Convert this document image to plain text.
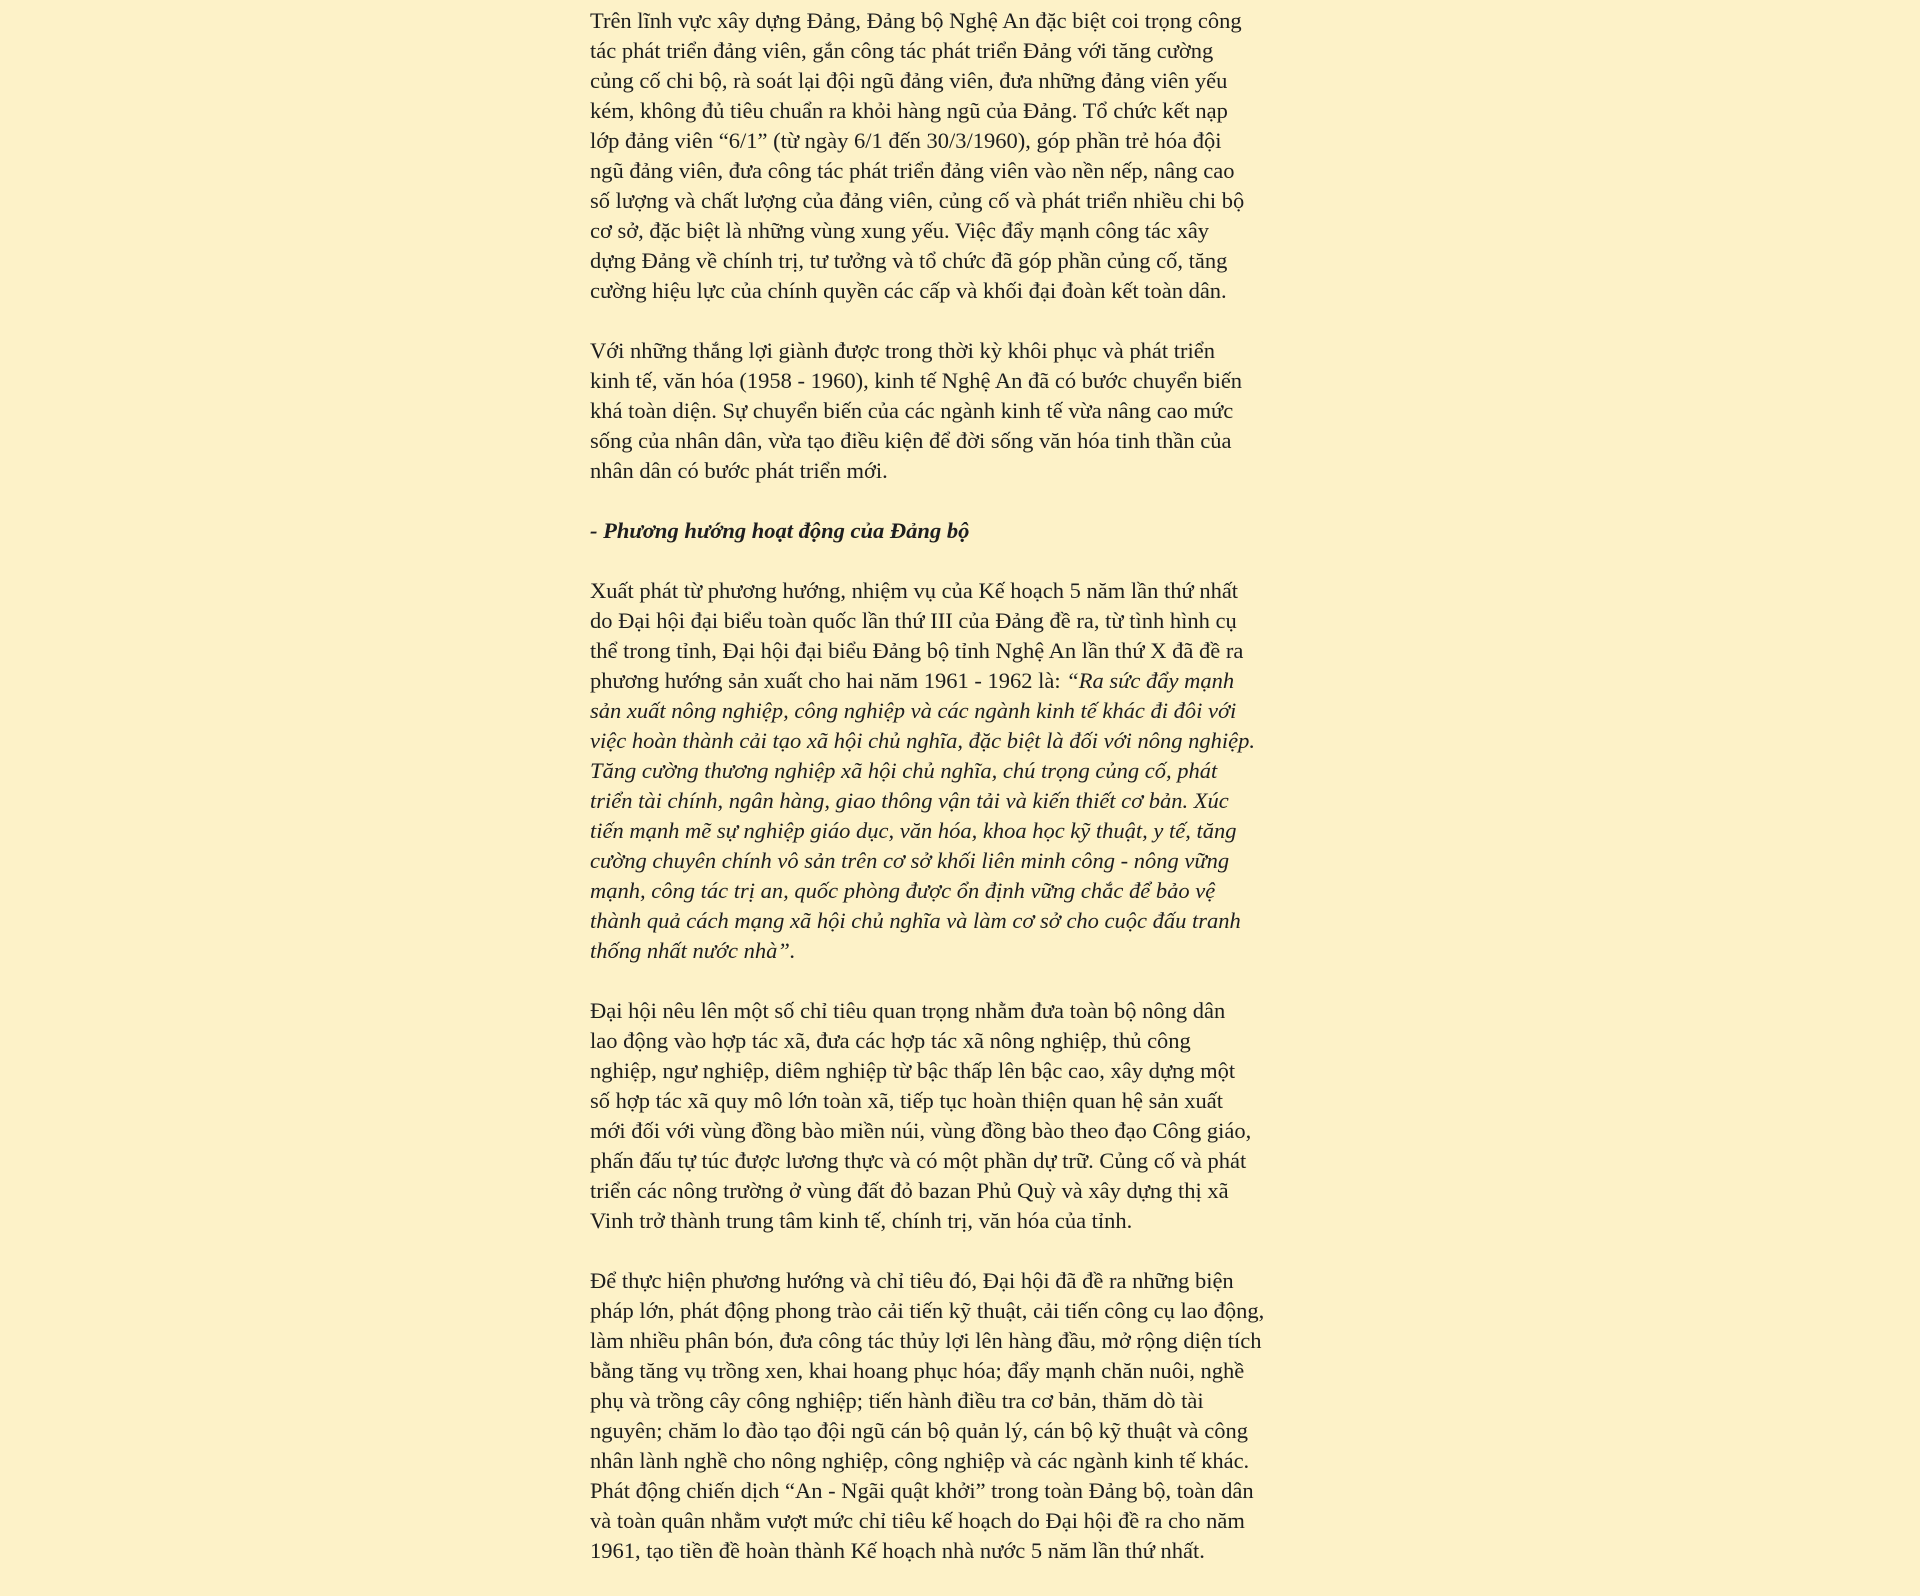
Trên lĩnh vực xây dựng Đảng, Đảng bộ Nghệ An đặc biệt coi trọng công
tác phát triển đảng viên, gắn công tác phát triển Đảng với tăng cường
củng cố chi bộ, rà soát lại đội ngũ đảng viên, đưa những đảng viên yếu
kém, không đủ tiêu chuẩn ra khỏi hàng ngũ của Đảng. Tổ chức kết nạp
lớp đảng viên “6/1” (từ ngày 6/1 đến 30/3/1960), góp phần trẻ hóa đội
ngũ đảng viên, đưa công tác phát triển đảng viên vào nền nếp, nâng cao
số lượng và chất lượng của đảng viên, củng cố và phát triển nhiều chi bộ
cơ sở, đặc biệt là những vùng xung yếu. Việc đẩy mạnh công tác xây
dựng Đảng về chính trị, tư tưởng và tổ chức đã góp phần củng cố, tăng
cường hiệu lực của chính quyền các cấp và khối đại đoàn kết toàn dân.

Với những thắng lợi giành được trong thời kỳ khôi phục và phát triển
kinh tế, văn hóa (1958 - 1960), kinh tế Nghệ An đã có bước chuyển biến
khá toàn diện. Sự chuyển biến của các ngành kinh tế vừa nâng cao mức
sống của nhân dân, vừa tạo điều kiện để đời sống văn hóa tinh thần của
nhân dân có bước phát triển mới.

- Phương hướng hoạt động của Đảng bộ

Xuất phát từ phương hướng, nhiệm vụ của Kế hoạch 5 năm lần thứ nhất
do Đại hội đại biểu toàn quốc lần thứ III của Đảng đề ra, từ tình hình cụ
thể trong tỉnh, Đại hội đại biểu Đảng bộ tỉnh Nghệ An lần thứ X đã đề ra
phương hướng sản xuất cho hai năm 1961 - 1962 là: “Ra sức đẩy mạnh
sản xuất nông nghiệp, công nghiệp và các ngành kinh tế khác đi đôi với
việc hoàn thành cải tạo xã hội chủ nghĩa, đặc biệt là đối với nông nghiệp.
Tăng cường thương nghiệp xã hội chủ nghĩa, chú trọng củng cố, phát
triển tài chính, ngân hàng, giao thông vận tải và kiến thiết cơ bản. Xúc
tiến mạnh mẽ sự nghiệp giáo dục, văn hóa, khoa học kỹ thuật, y tế, tăng
cường chuyên chính vô sản trên cơ sở khối liên minh công - nông vững
mạnh, công tác trị an, quốc phòng được ổn định vững chắc để bảo vệ
thành quả cách mạng xã hội chủ nghĩa và làm cơ sở cho cuộc đấu tranh
thống nhất nước nhà”.

Đại hội nêu lên một số chỉ tiêu quan trọng nhằm đưa toàn bộ nông dân
lao động vào hợp tác xã, đưa các hợp tác xã nông nghiệp, thủ công
nghiệp, ngư nghiệp, diêm nghiệp từ bậc thấp lên bậc cao, xây dựng một
số hợp tác xã quy mô lớn toàn xã, tiếp tục hoàn thiện quan hệ sản xuất
mới đối với vùng đồng bào miền núi, vùng đồng bào theo đạo Công giáo,
phấn đấu tự túc được lương thực và có một phần dự trữ. Củng cố và phát
triển các nông trường ở vùng đất đỏ bazan Phủ Quỳ và xây dựng thị xã
Vinh trở thành trung tâm kinh tế, chính trị, văn hóa của tỉnh.

Để thực hiện phương hướng và chỉ tiêu đó, Đại hội đã đề ra những biện
pháp lớn, phát động phong trào cải tiến kỹ thuật, cải tiến công cụ lao động,
làm nhiều phân bón, đưa công tác thủy lợi lên hàng đầu, mở rộng diện tích
bằng tăng vụ trồng xen, khai hoang phục hóa; đẩy mạnh chăn nuôi, nghề
phụ và trồng cây công nghiệp; tiến hành điều tra cơ bản, thăm dò tài
nguyên; chăm lo đào tạo đội ngũ cán bộ quản lý, cán bộ kỹ thuật và công
nhân lành nghề cho nông nghiệp, công nghiệp và các ngành kinh tế khác.
Phát động chiến dịch “An - Ngãi quật khởi” trong toàn Đảng bộ, toàn dân
và toàn quân nhằm vượt mức chỉ tiêu kế hoạch do Đại hội đề ra cho năm
1961, tạo tiền đề hoàn thành Kế hoạch nhà nước 5 năm lần thứ nhất.
